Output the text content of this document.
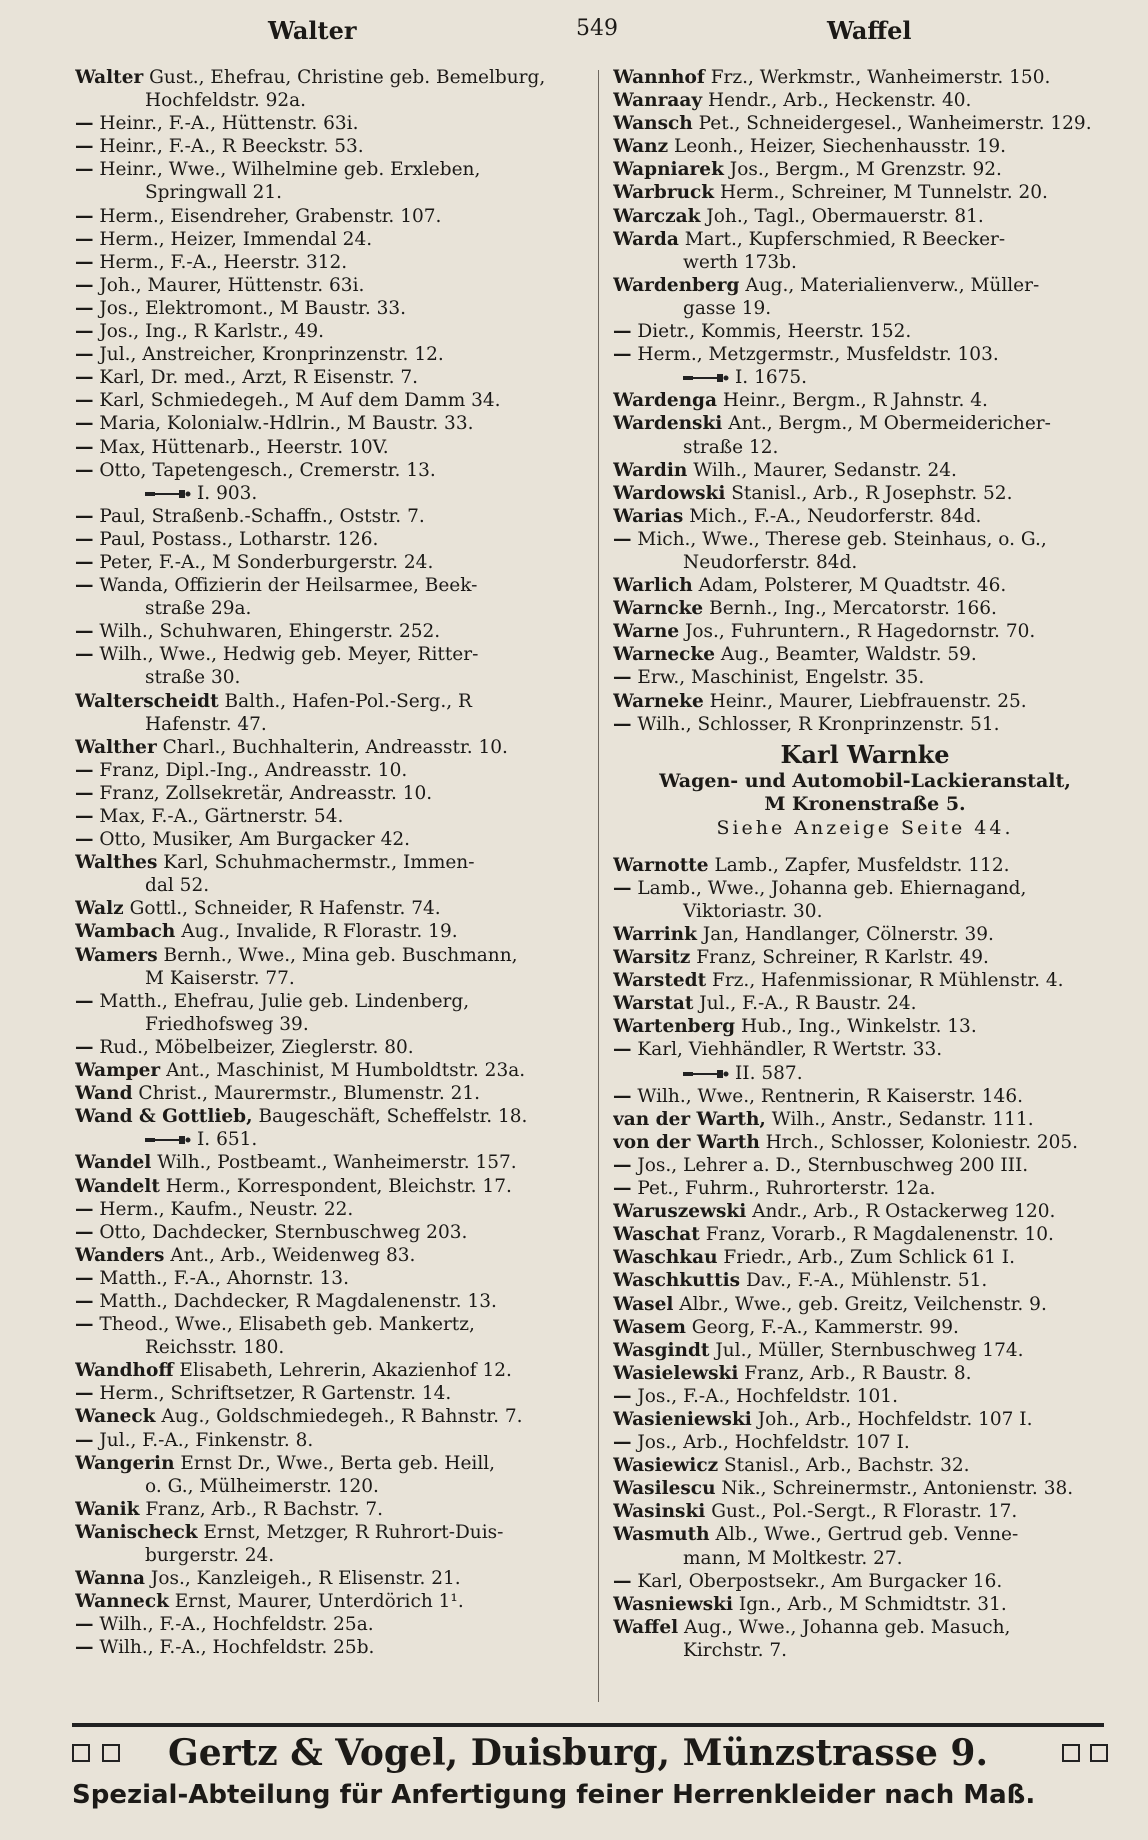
Walter	549	Waffel
Walter Gust., Ehefrau, Christine geb. Bemelburg,
Hochfeldstr. 92a.
— Heinr., F.-A., Hüttenstr. 63i.
— Heinr., F.-A., R Beeckstr. 53.
— Heinr., Wwe., Wilhelmine geb. Erxleben,
Springwall 21.
— Herm., Eisendreher, Grabenstr. 107.
— Herm., Heizer, Immendal 24.
— Herm., F.-A., Heerstr. 312.
— Joh., Maurer, Hüttenstr. 63i.
— Jos., Elektromont., M Baustr. 33.
— Jos., Ing., R Karlstr., 49.
— Jul., Anstreicher, Kronprinzenstr. 12.
— Karl, Dr. med., Arzt, R Eisenstr. 7.
— Karl, Schmiedegeh., M Auf dem Damm 34.
— Maria, Kolonialw.-Hdlrin., M Baustr. 33.
— Max, Hüttenarb., Heerstr. 10V.
— Otto, Tapetengesch., Cremerstr. 13.
I. 903.
— Paul, Straßenb.-Schaffn., Oststr. 7.
— Paul, Postass., Lotharstr. 126.
— Peter, F.-A., M Sonderburgerstr. 24.
— Wanda, Offizierin der Heilsarmee, Beek-
straße 29a.
— Wilh., Schuhwaren, Ehingerstr. 252.
— Wilh., Wwe., Hedwig geb. Meyer, Ritter-
straße 30.
Walterscheidt Balth., Hafen-Pol.-Serg., R
Hafenstr. 47.
Walther Charl., Buchhalterin, Andreasstr. 10.
— Franz, Dipl.-Ing., Andreasstr. 10.
— Franz, Zollsekretär, Andreasstr. 10.
— Max, F.-A., Gärtnerstr. 54.
— Otto, Musiker, Am Burgacker 42.
Walthes Karl, Schuhmachermstr., Immen-
dal 52.
Walz Gottl., Schneider, R Hafenstr. 74.
Wambach Aug., Invalide, R Florastr. 19.
Wamers Bernh., Wwe., Mina geb. Buschmann,
M Kaiserstr. 77.
— Matth., Ehefrau, Julie geb. Lindenberg,
Friedhofsweg 39.
— Rud., Möbelbeizer, Zieglerstr. 80.
Wamper Ant., Maschinist, M Humboldtstr. 23a.
Wand Christ., Maurermstr., Blumenstr. 21.
Wand & Gottlieb, Baugeschäft, Scheffelstr. 18.
I. 651.
Wandel Wilh., Postbeamt., Wanheimerstr. 157.
Wandelt Herm., Korrespondent, Bleichstr. 17.
— Herm., Kaufm., Neustr. 22.
— Otto, Dachdecker, Sternbuschweg 203.
Wanders Ant., Arb., Weidenweg 83.
— Matth., F.-A., Ahornstr. 13.
— Matth., Dachdecker, R Magdalenenstr. 13.
— Theod., Wwe., Elisabeth geb. Mankertz,
Reichsstr. 180.
Wandhoff Elisabeth, Lehrerin, Akazienhof 12.
— Herm., Schriftsetzer, R Gartenstr. 14.
Waneck Aug., Goldschmiedegeh., R Bahnstr. 7.
— Jul., F.-A., Finkenstr. 8.
Wangerin Ernst Dr., Wwe., Berta geb. Heill,
o. G., Mülheimerstr. 120.
Wanik Franz, Arb., R Bachstr. 7.
Wanischeck Ernst, Metzger, R Ruhrort-Duis-
burgerstr. 24.
Wanna Jos., Kanzleigeh., R Elisenstr. 21.
Wanneck Ernst, Maurer, Unterdörich 1¹.
— Wilh., F.-A., Hochfeldstr. 25a.
— Wilh., F.-A., Hochfeldstr. 25b.
Wannhof Frz., Werkmstr., Wanheimerstr. 150.
Wanraay Hendr., Arb., Heckenstr. 40.
Wansch Pet., Schneidergesel., Wanheimerstr. 129.
Wanz Leonh., Heizer, Siechenhausstr. 19.
Wapniarek Jos., Bergm., M Grenzstr. 92.
Warbruck Herm., Schreiner, M Tunnelstr. 20.
Warczak Joh., Tagl., Obermauerstr. 81.
Warda Mart., Kupferschmied, R Beecker-
werth 173b.
Wardenberg Aug., Materialienverw., Müller-
gasse 19.
— Dietr., Kommis, Heerstr. 152.
— Herm., Metzgermstr., Musfeldstr. 103.
I. 1675.
Wardenga Heinr., Bergm., R Jahnstr. 4.
Wardenski Ant., Bergm., M Obermeidericher-
straße 12.
Wardin Wilh., Maurer, Sedanstr. 24.
Wardowski Stanisl., Arb., R Josephstr. 52.
Warias Mich., F.-A., Neudorferstr. 84d.
— Mich., Wwe., Therese geb. Steinhaus, o. G.,
Neudorferstr. 84d.
Warlich Adam, Polsterer, M Quadtstr. 46.
Warncke Bernh., Ing., Mercatorstr. 166.
Warne Jos., Fuhruntern., R Hagedornstr. 70.
Warnecke Aug., Beamter, Waldstr. 59.
— Erw., Maschinist, Engelstr. 35.
Warneke Heinr., Maurer, Liebfrauenstr. 25.
— Wilh., Schlosser, R Kronprinzenstr. 51.
Karl Warnke
Wagen- und Automobil-Lackieranstalt,
M Kronenstraße 5.
Siehe Anzeige Seite 44.
Warnotte Lamb., Zapfer, Musfeldstr. 112.
— Lamb., Wwe., Johanna geb. Ehiernagand,
Viktoriastr. 30.
Warrink Jan, Handlanger, Cölnerstr. 39.
Warsitz Franz, Schreiner, R Karlstr. 49.
Warstedt Frz., Hafenmissionar, R Mühlenstr. 4.
Warstat Jul., F.-A., R Baustr. 24.
Wartenberg Hub., Ing., Winkelstr. 13.
— Karl, Viehhändler, R Wertstr. 33.
II. 587.
— Wilh., Wwe., Rentnerin, R Kaiserstr. 146.
van der Warth, Wilh., Anstr., Sedanstr. 111.
von der Warth Hrch., Schlosser, Koloniestr. 205.
— Jos., Lehrer a. D., Sternbuschweg 200 III.
— Pet., Fuhrm., Ruhrorterstr. 12a.
Waruszewski Andr., Arb., R Ostackerweg 120.
Waschat Franz, Vorarb., R Magdalenenstr. 10.
Waschkau Friedr., Arb., Zum Schlick 61 I.
Waschkuttis Dav., F.-A., Mühlenstr. 51.
Wasel Albr., Wwe., geb. Greitz, Veilchenstr. 9.
Wasem Georg, F.-A., Kammerstr. 99.
Wasgindt Jul., Müller, Sternbuschweg 174.
Wasielewski Franz, Arb., R Baustr. 8.
— Jos., F.-A., Hochfeldstr. 101.
Wasieniewski Joh., Arb., Hochfeldstr. 107 I.
— Jos., Arb., Hochfeldstr. 107 I.
Wasiewicz Stanisl., Arb., Bachstr. 32.
Wasilescu Nik., Schreinermstr., Antonienstr. 38.
Wasinski Gust., Pol.-Sergt., R Florastr. 17.
Wasmuth Alb., Wwe., Gertrud geb. Venne-
mann, M Moltkestr. 27.
— Karl, Oberpostsekr., Am Burgacker 16.
Wasniewski Ign., Arb., M Schmidtstr. 31.
Waffel Aug., Wwe., Johanna geb. Masuch,
Kirchstr. 7.
Gertz & Vogel, Duisburg, Münzstrasse 9.
Spezial-Abteilung für Anfertigung feiner Herrenkleider nach Maß.
